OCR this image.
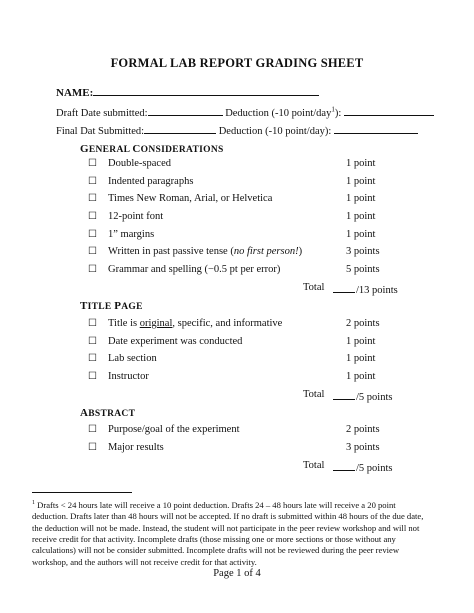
FORMAL LAB REPORT GRADING SHEET
NAME:
Draft Date submitted:	Deduction (-10 point/day$^1$):
Final Dat Submitted:	Deduction (-10 point/day):
GENERAL CONSIDERATIONS
☐ Double-spaced	1 point
☐ Indented paragraphs	1 point
☐ Times New Roman, Arial, or Helvetica	1 point
☐ 12-point font	1 point
☐ 1” margins	1 point
☐ Written in past passive tense (no first person!)	3 points
☐ Grammar and spelling (−0.5 pt per error)	5 points
Total	/13 points
TITLE PAGE
☐ Title is original, specific, and informative	2 points
☐ Date experiment was conducted	1 point
☐ Lab section	1 point
☐ Instructor	1 point
Total	/5 points
ABSTRACT
☐ Purpose/goal of the experiment	2 points
☐ Major results	3 points
Total	/5 points
$^1$ Drafts < 24 hours late will receive a 10 point deduction. Drafts 24 – 48 hours late will receive a 20 point deduction. Drafts later than 48 hours will not be accepted. If no draft is submitted within 48 hours of the due date, the deduction will not be made. Instead, the student will not participate in the peer review workshop and will not receive credit for that activity. Incomplete drafts (those missing one or more sections or those without any calculations) will not be consider submitted. Incomplete drafts will not be reviewed during the peer review workshop, and the authors will not receive credit for that activity.
Page 1 of 4
